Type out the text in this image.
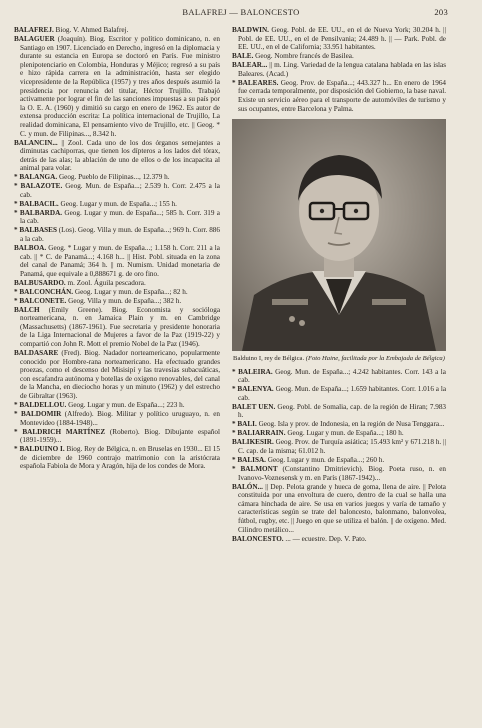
BALAFREJ — BALONCESTO	203

BALAFREJ. Biog. V. Ahmed Balafrej.

BALAGUER (Joaquín). Biog. Escritor y político dominicano, n. en Santiago en 1907. Licenciado en Derecho, ingresó en la diplomacia y durante su estancia en Europa se doctoró en París. Fue ministro plenipotenciario en Colombia, Honduras y Méjico; regresó a su país e hizo rápida carrera en la administración, hasta ser elegido vicepresidente de la República (1957) y tres años después asumió la presidencia por renuncia del titular, Héctor Trujillo. Trabajó activamente por lograr el fin de las sanciones impuestas a su país por la O. E. A. (1960) y dimitió su cargo en enero de 1962. Es autor de extensa producción escrita: La política internacional de Trujillo, La realidad dominicana, El pensamiento vivo de Trujillo, etc. || Geog. * C. y mun. de Filipinas..., 8.342 h.

BALANCIN... || Zool. Cada uno de los dos órganos semejantes a diminutas cachiporras, que tienen los dípteros a los lados del tórax, detrás de las alas; la ablación de uno de ellos o de los incapacita al animal para volar.

* BALANGA. Geog. Pueblo de Filipinas..., 12.379 h.

* BALAZOTE. Geog. Mun. de España...; 2.539 h. Corr. 2.475 a la cab.

* BALBACIL. Geog. Lugar y mun. de España...; 155 h.

* BALBARDA. Geog. Lugar y mun. de España...; 585 h. Corr. 319 a la cab.

* BALBASES (Los). Geog. Villa y mun. de España...; 969 h. Corr. 886 a la cab.

BALBOA. Geog. * Lugar y mun. de España...; 1.158 h. Corr. 211 a la cab. || * C. de Panamá...; 4.168 h... || Hist. Pobl. situada en la zona del canal de Panamá; 364 h. || m. Numism. Unidad monetaria de Panamá, que equivale a 0,888671 g. de oro fino.

BALBUSARDO. m. Zool. Águila pescadora.

* BALCONCHÁN. Geog. Lugar y mun. de España...; 82 h.

* BALCONETE. Geog. Villa y mun. de España...; 382 h.

BALCH (Emily Greene). Biog. Economista y socióloga norteamericana, n. en Jamaica Plain y m. en Cambridge (Massachusetts) (1867-1961). Fue secretaria y presidente honoraria de la Liga Internacional de Mujeres a favor de la Paz (1919-22) y compartió con John R. Mott el premio Nobel de la Paz (1946).

BALDASARE (Fred). Biog. Nadador norteamericano, popularmente conocido por Hombre-rana norteamericano. Ha efectuado grandes proezas, como el descenso del Misisipí y las travesías subacuáticas, con escafandra autónoma y botellas de oxígeno renovables, del canal de la Mancha, en dieciocho horas y un minuto (1962) y del estrecho de Gibraltar (1963).

* BALDELLOU. Geog. Lugar y mun. de España...; 223 h.

* BALDOMIR (Alfredo). Biog. Militar y político uruguayo, n. en Montevideo (1884-1948)...

* BALDRICH MARTÍNEZ (Roberto). Biog. Dibujante español (1891-1959)...

* BALDUINO I. Biog. Rey de Bélgica, n. en Bruselas en 1930... El 15 de diciembre de 1960 contrajo matrimonio con la aristócrata española Fabiola de Mora y Aragón, hija de los condes de Mora.

BALDWIN. Geog. Pobl. de EE. UU., en el de Nueva York; 30.204 h. || Pobl. de EE. UU., en el de Pensilvania; 24.489 h. || — Park. Pobl. de EE. UU., en el de California; 33.951 habitantes.

BALE. Geog. Nombre francés de Basilea.

BALEAR... || m. Ling. Variedad de la lengua catalana hablada en las islas Baleares. (Acad.)

* BALEARES. Geog. Prov. de España...; 443.327 h... En enero de 1964 fue cerrada temporalmente, por disposición del Gobierno, la base naval. Existe un servicio aéreo para el transporte de automóviles de turismo y sus ocupantes, entre Barcelona y Palma.

Balduino I, rey de Bélgica. (Foto Haine, facilitada por la Embajada de Bélgica)

* BALEIRA. Geog. Mun. de España...; 4.242 habitantes. Corr. 143 a la cab.

* BALENYA. Geog. Mun. de España...; 1.659 habitantes. Corr. 1.016 a la cab.

BALET UEN. Geog. Pobl. de Somalia, cap. de la región de Hiran; 7.983 h.

* BALI. Geog. Isla y prov. de Indonesia, en la región de Nusa Tenggara...

* BALIARRAIN. Geog. Lugar y mun. de España...; 180 h.

BALIKESIR. Geog. Prov. de Turquía asiática; 15.493 km² y 671.218 h. || C. cap. de la misma; 61.012 h.

* BALISA. Geog. Lugar y mun. de España...; 260 h.

* BALMONT (Constantino Dmitrievich). Biog. Poeta ruso, n. en Ivanovo-Voznesensk y m. en París (1867-1942)...

BALÓN... || Dep. Pelota grande y hueca de goma, llena de aire. || Pelota constituida por una envoltura de cuero, dentro de la cual se halla una cámara hinchada de aire. Se usa en varios juegos y varía de tamaño y características según se trate del baloncesto, balonmano, balonvolea, fútbol, rugby, etc. || Juego en que se utiliza el balón. || de oxígeno. Med. Cilindro metálico...

BALONCESTO. ... — ecuestre. Dep. V. Pato.
